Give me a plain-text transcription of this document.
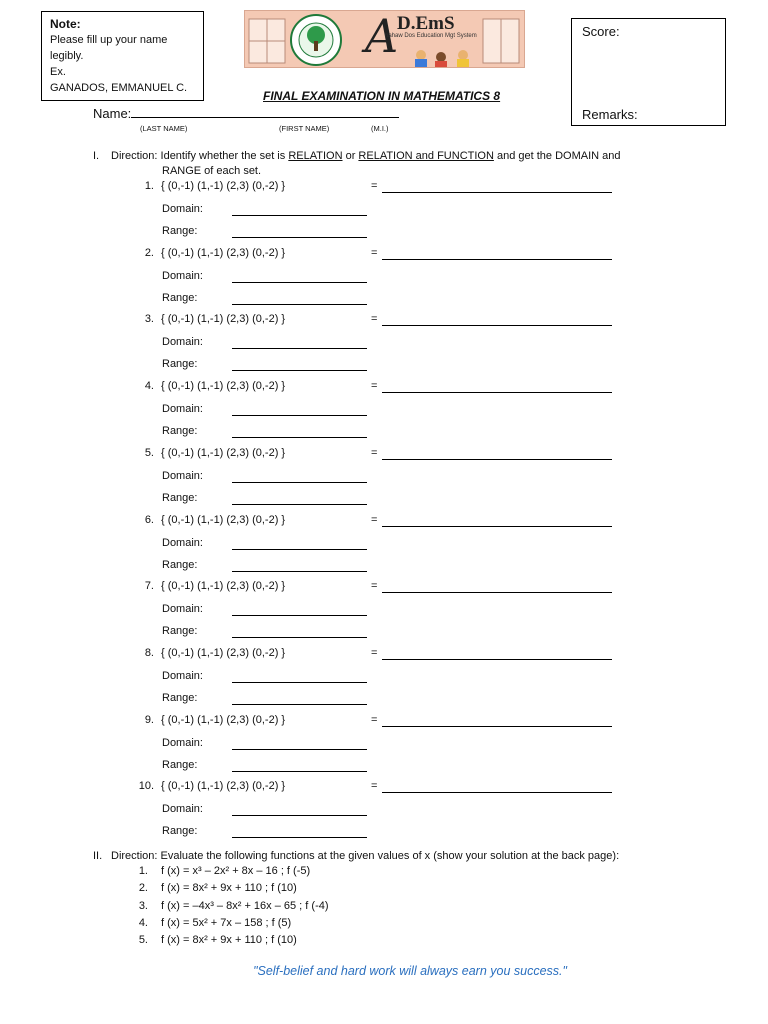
Note:
Please fill up your name
legibly.
Ex.
GANADOS, EMMANUEL C.
A
D.EmS
nahaw Dos Education Mgt System	Score:
Remarks:
FINAL EXAMINATION IN MATHEMATICS 8
Name:
(LAST NAME)	(FIRST NAME)	(M.I.)
I. Direction: Identify whether the set is RELATION or RELATION and FUNCTION and get the DOMAIN and
RANGE of each set.
1. { (0,-1) (1,-1) (2,3) (0,-2) }	=
Domain:
Range:
2. { (0,-1) (1,-1) (2,3) (0,-2) }	=
Domain:
Range:
3. { (0,-1) (1,-1) (2,3) (0,-2) }	=
Domain:
Range:
4. { (0,-1) (1,-1) (2,3) (0,-2) }	=
Domain:
Range:
5. { (0,-1) (1,-1) (2,3) (0,-2) }	=
Domain:
Range:
6. { (0,-1) (1,-1) (2,3) (0,-2) }	=
Domain:
Range:
7. { (0,-1) (1,-1) (2,3) (0,-2) }	=
Domain:
Range:
8. { (0,-1) (1,-1) (2,3) (0,-2) }	=
Domain:
Range:
9. { (0,-1) (1,-1) (2,3) (0,-2) }	=
Domain:
Range:
10. { (0,-1) (1,-1) (2,3) (0,-2) }	=
Domain:
Range:
II. Direction: Evaluate the following functions at the given values of x (show your solution at the back page):
1. f (x) = x³ – 2x² + 8x – 16 ; f (-5)
2. f (x) = 8x² + 9x + 110 ; f (10)
3. f (x) = –4x³ – 8x² + 16x – 65 ; f (-4)
4. f (x) = 5x² + 7x – 158 ; f (5)
5. f (x) = 8x² + 9x + 110 ; f (10)
"Self-belief and hard work will always earn you success."
